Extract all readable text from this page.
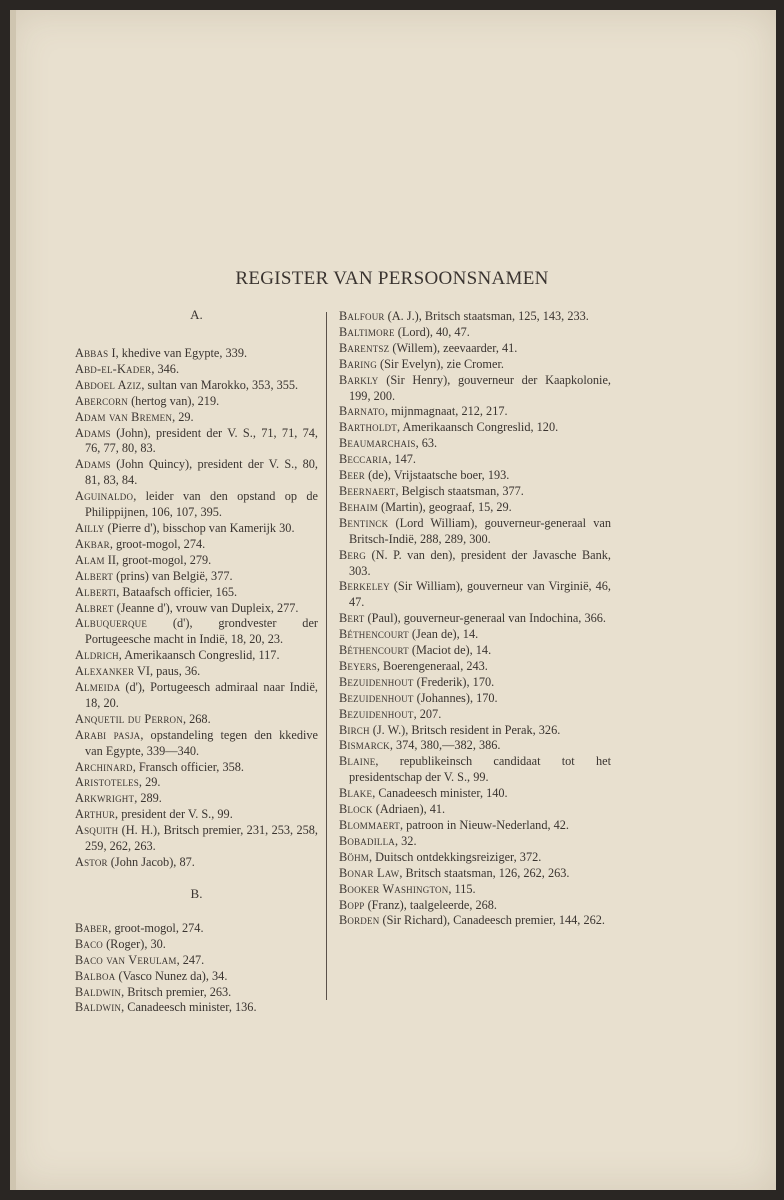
REGISTER VAN PERSOONSNAMEN
A.

Abbas I, khedive van Egypte, 339.

Abd-el-Kader, 346.

Abdoel Aziz, sultan van Marokko, 353, 355.

Abercorn (hertog van), 219.

Adam van Bremen, 29.

Adams (John), president der V. S., 71, 71, 74, 76, 77, 80, 83.

Adams (John Quincy), president der V. S., 80, 81, 83, 84.

Aguinaldo, leider van den opstand op de Philippijnen, 106, 107, 395.

Ailly (Pierre d'), bisschop van Kamerijk 30.

Akbar, groot-mogol, 274.

Alam II, groot-mogol, 279.

Albert (prins) van België, 377.

Alberti, Bataafsch officier, 165.

Albret (Jeanne d'), vrouw van Dupleix, 277.

Albuquerque (d'), grondvester der Portugeesche macht in Indië, 18, 20, 23.

Aldrich, Amerikaansch Congreslid, 117.

Alexanker VI, paus, 36.

Almeida (d'), Portugeesch admiraal naar Indië, 18, 20.

Anquetil du Perron, 268.

Arabi pasja, opstandeling tegen den kkedive van Egypte, 339—340.

Archinard, Fransch officier, 358.

Aristoteles, 29.

Arkwright, 289.

Arthur, president der V. S., 99.

Asquith (H. H.), Britsch premier, 231, 253, 258, 259, 262, 263.

Astor (John Jacob), 87.

B.

Baber, groot-mogol, 274.

Baco (Roger), 30.

Baco van Verulam, 247.

Balboa (Vasco Nunez da), 34.

Baldwin, Britsch premier, 263.

Baldwin, Canadeesch minister, 136.

Balfour (A. J.), Britsch staatsman, 125, 143, 233.

Baltimore (Lord), 40, 47.

Barentsz (Willem), zeevaarder, 41.

Baring (Sir Evelyn), zie Cromer.

Barkly (Sir Henry), gouverneur der Kaapkolonie, 199, 200.

Barnato, mijnmagnaat, 212, 217.

Bartholdt, Amerikaansch Congreslid, 120.

Beaumarchais, 63.

Beccaria, 147.

Beer (de), Vrijstaatsche boer, 193.

Beernaert, Belgisch staatsman, 377.

Behaim (Martin), geograaf, 15, 29.

Bentinck (Lord William), gouverneur-generaal van Britsch-Indië, 288, 289, 300.

Berg (N. P. van den), president der Javasche Bank, 303.

Berkeley (Sir William), gouverneur van Virginië, 46, 47.

Bert (Paul), gouverneur-generaal van Indochina, 366.

Béthencourt (Jean de), 14.

Béthencourt (Maciot de), 14.

Beyers, Boerengeneraal, 243.

Bezuidenhout (Frederik), 170.

Bezuidenhout (Johannes), 170.

Bezuidenhout, 207.

Birch (J. W.), Britsch resident in Perak, 326.

Bismarck, 374, 380,—382, 386.

Blaine, republikeinsch candidaat tot het presidentschap der V. S., 99.

Blake, Canadeesch minister, 140.

Block (Adriaen), 41.

Blommaert, patroon in Nieuw-Nederland, 42.

Bobadilla, 32.

Böhm, Duitsch ontdekkingsreiziger, 372.

Bonar Law, Britsch staatsman, 126, 262, 263.

Booker Washington, 115.

Bopp (Franz), taalgeleerde, 268.

Borden (Sir Richard), Canadeesch premier, 144, 262.
